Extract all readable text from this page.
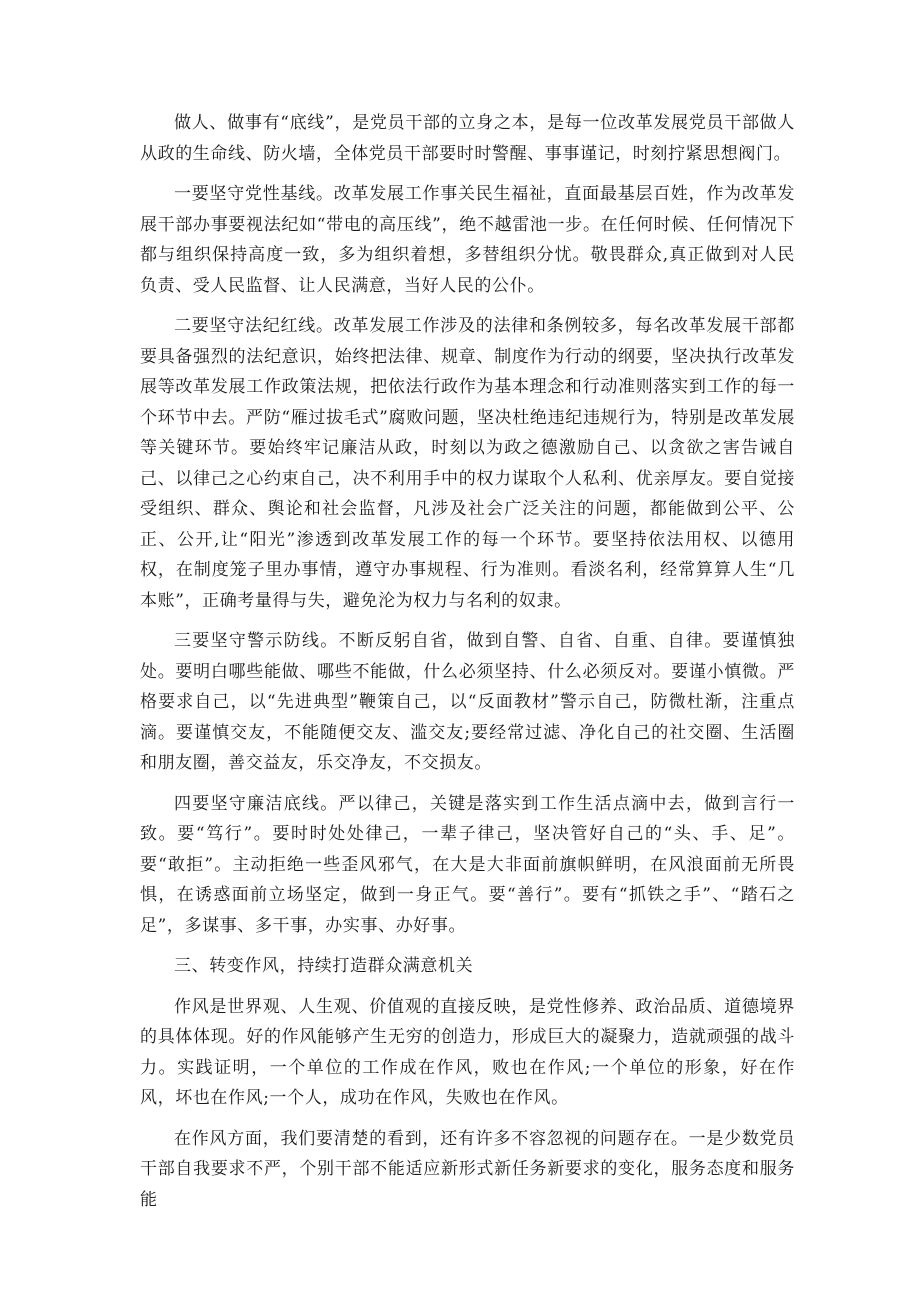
做人、做事有“底线”，是党员干部的立身之本，是每一位改革发展党员干部做人从政的生命线、防火墙，全体党员干部要时时警醒、事事谨记，时刻拧紧思想阀门。

一要坚守党性基线。改革发展工作事关民生福祉，直面最基层百姓，作为改革发展干部办事要视法纪如“带电的高压线”，绝不越雷池一步。在任何时候、任何情况下都与组织保持高度一致，多为组织着想，多替组织分忧。敬畏群众,真正做到对人民负责、受人民监督、让人民满意，当好人民的公仆。

二要坚守法纪红线。改革发展工作涉及的法律和条例较多，每名改革发展干部都要具备强烈的法纪意识，始终把法律、规章、制度作为行动的纲要，坚决执行改革发展等改革发展工作政策法规，把依法行政作为基本理念和行动准则落实到工作的每一个环节中去。严防“雁过拔毛式”腐败问题，坚决杜绝违纪违规行为，特别是改革发展等关键环节。要始终牢记廉洁从政，时刻以为政之德激励自己、以贪欲之害告诫自己、以律己之心约束自己，决不利用手中的权力谋取个人私利、优亲厚友。要自觉接受组织、群众、舆论和社会监督，凡涉及社会广泛关注的问题，都能做到公平、公正、公开,让“阳光”渗透到改革发展工作的每一个环节。要坚持依法用权、以德用权，在制度笼子里办事情，遵守办事规程、行为准则。看淡名利，经常算算人生“几本账”，正确考量得与失，避免沦为权力与名利的奴隶。

三要坚守警示防线。不断反躬自省，做到自警、自省、自重、自律。要谨慎独处。要明白哪些能做、哪些不能做，什么必须坚持、什么必须反对。要谨小慎微。严格要求自己，以“先进典型”鞭策自己，以“反面教材”警示自己，防微杜渐，注重点滴。要谨慎交友，不能随便交友、滥交友;要经常过滤、净化自己的社交圈、生活圈和朋友圈，善交益友，乐交净友，不交损友。

四要坚守廉洁底线。严以律己，关键是落实到工作生活点滴中去，做到言行一致。要“笃行”。要时时处处律己，一辈子律己，坚决管好自己的“头、手、足”。要“敢拒”。主动拒绝一些歪风邪气，在大是大非面前旗帜鲜明，在风浪面前无所畏惧，在诱惑面前立场坚定，做到一身正气。要“善行”。要有“抓铁之手”、“踏石之足”，多谋事、多干事，办实事、办好事。

三、转变作风，持续打造群众满意机关

作风是世界观、人生观、价值观的直接反映，是党性修养、政治品质、道德境界的具体体现。好的作风能够产生无穷的创造力，形成巨大的凝聚力，造就顽强的战斗力。实践证明，一个单位的工作成在作风，败也在作风;一个单位的形象，好在作风，坏也在作风;一个人，成功在作风，失败也在作风。

在作风方面，我们要清楚的看到，还有许多不容忽视的问题存在。一是少数党员干部自我要求不严，个别干部不能适应新形式新任务新要求的变化，服务态度和服务能
